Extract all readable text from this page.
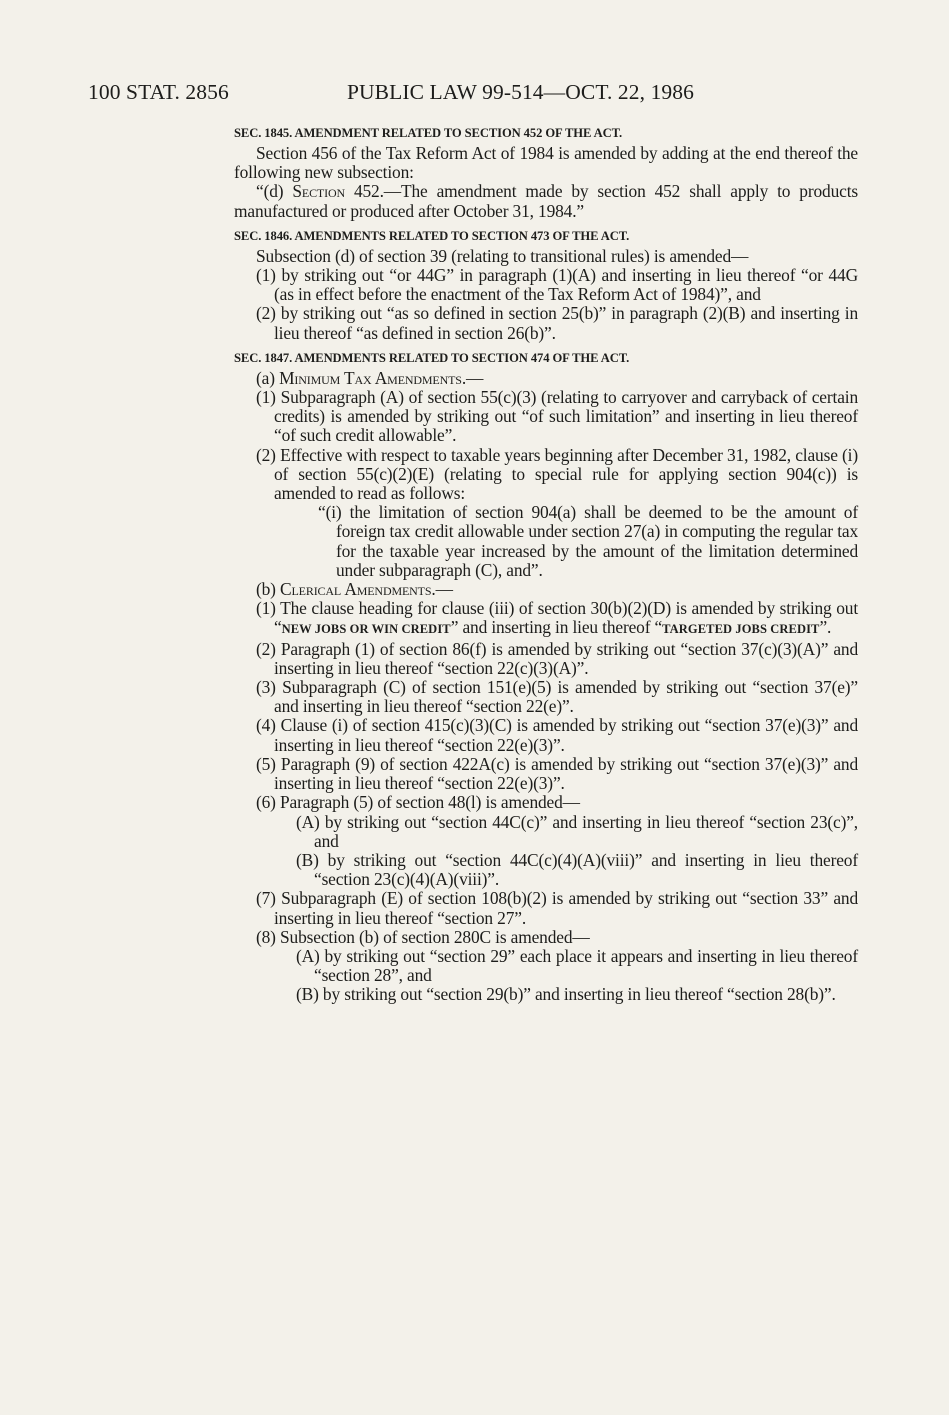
100 STAT. 2856	PUBLIC LAW 99-514—OCT. 22, 1986
SEC. 1845. AMENDMENT RELATED TO SECTION 452 OF THE ACT.

Section 456 of the Tax Reform Act of 1984 is amended by adding at the end thereof the following new subsection:

“(d) Section 452.—The amendment made by section 452 shall apply to products manufactured or produced after October 31, 1984.”

SEC. 1846. AMENDMENTS RELATED TO SECTION 473 OF THE ACT.

Subsection (d) of section 39 (relating to transitional rules) is amended—

(1) by striking out “or 44G” in paragraph (1)(A) and inserting in lieu thereof “or 44G (as in effect before the enactment of the Tax Reform Act of 1984)”, and

(2) by striking out “as so defined in section 25(b)” in paragraph (2)(B) and inserting in lieu thereof “as defined in section 26(b)”.

SEC. 1847. AMENDMENTS RELATED TO SECTION 474 OF THE ACT.

(a) Minimum Tax Amendments.—

(1) Subparagraph (A) of section 55(c)(3) (relating to carryover and carryback of certain credits) is amended by striking out “of such limitation” and inserting in lieu thereof “of such credit allowable”.

(2) Effective with respect to taxable years beginning after December 31, 1982, clause (i) of section 55(c)(2)(E) (relating to special rule for applying section 904(c)) is amended to read as follows:

“(i) the limitation of section 904(a) shall be deemed to be the amount of foreign tax credit allowable under section 27(a) in computing the regular tax for the taxable year increased by the amount of the limitation determined under subparagraph (C), and”.

(b) Clerical Amendments.—

(1) The clause heading for clause (iii) of section 30(b)(2)(D) is amended by striking out “NEW JOBS OR WIN CREDIT” and inserting in lieu thereof “TARGETED JOBS CREDIT”.

(2) Paragraph (1) of section 86(f) is amended by striking out “section 37(c)(3)(A)” and inserting in lieu thereof “section 22(c)(3)(A)”.

(3) Subparagraph (C) of section 151(e)(5) is amended by striking out “section 37(e)” and inserting in lieu thereof “section 22(e)”.

(4) Clause (i) of section 415(c)(3)(C) is amended by striking out “section 37(e)(3)” and inserting in lieu thereof “section 22(e)(3)”.

(5) Paragraph (9) of section 422A(c) is amended by striking out “section 37(e)(3)” and inserting in lieu thereof “section 22(e)(3)”.

(6) Paragraph (5) of section 48(l) is amended—

(A) by striking out “section 44C(c)” and inserting in lieu thereof “section 23(c)”, and

(B) by striking out “section 44C(c)(4)(A)(viii)” and inserting in lieu thereof “section 23(c)(4)(A)(viii)”.

(7) Subparagraph (E) of section 108(b)(2) is amended by striking out “section 33” and inserting in lieu thereof “section 27”.

(8) Subsection (b) of section 280C is amended—

(A) by striking out “section 29” each place it appears and inserting in lieu thereof “section 28”, and

(B) by striking out “section 29(b)” and inserting in lieu thereof “section 28(b)”.
